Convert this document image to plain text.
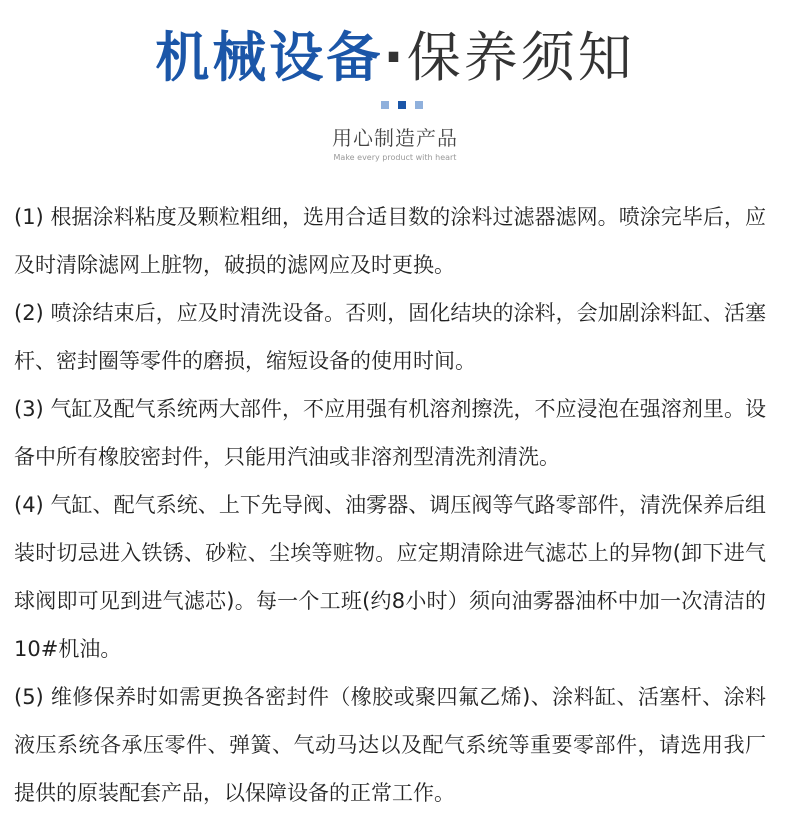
机械设备·保养须知
用心制造产品
Make every product with heart

(1) 根据涂料粘度及颗粒粗细，选用合适目数的涂料过滤器滤网。喷涂完毕后，应及时清除滤网上脏物，破损的滤网应及时更换。

(2) 喷涂结束后，应及时清洗设备。否则，固化结块的涂料，会加剧涂料缸、活塞杆、密封圈等零件的磨损，缩短设备的使用时间。

(3) 气缸及配气系统两大部件，不应用强有机溶剂擦洗，不应浸泡在强溶剂里。设备中所有橡胶密封件，只能用汽油或非溶剂型清洗剂清洗。

(4) 气缸、配气系统、上下先导阀、油雾器、调压阀等气路零部件，清洗保养后组装时切忌进入铁锈、砂粒、尘埃等赃物。应定期清除进气滤芯上的异物(卸下进气球阀即可见到进气滤芯)。每一个工班(约8小时）须向油雾器油杯中加一次清洁的10#机油。

(5) 维修保养时如需更换各密封件（橡胶或聚四氟乙烯)、涂料缸、活塞杆、涂料液压系统各承压零件、弹簧、气动马达以及配气系统等重要零部件，请选用我厂提供的原装配套产品，以保障设备的正常工作。
